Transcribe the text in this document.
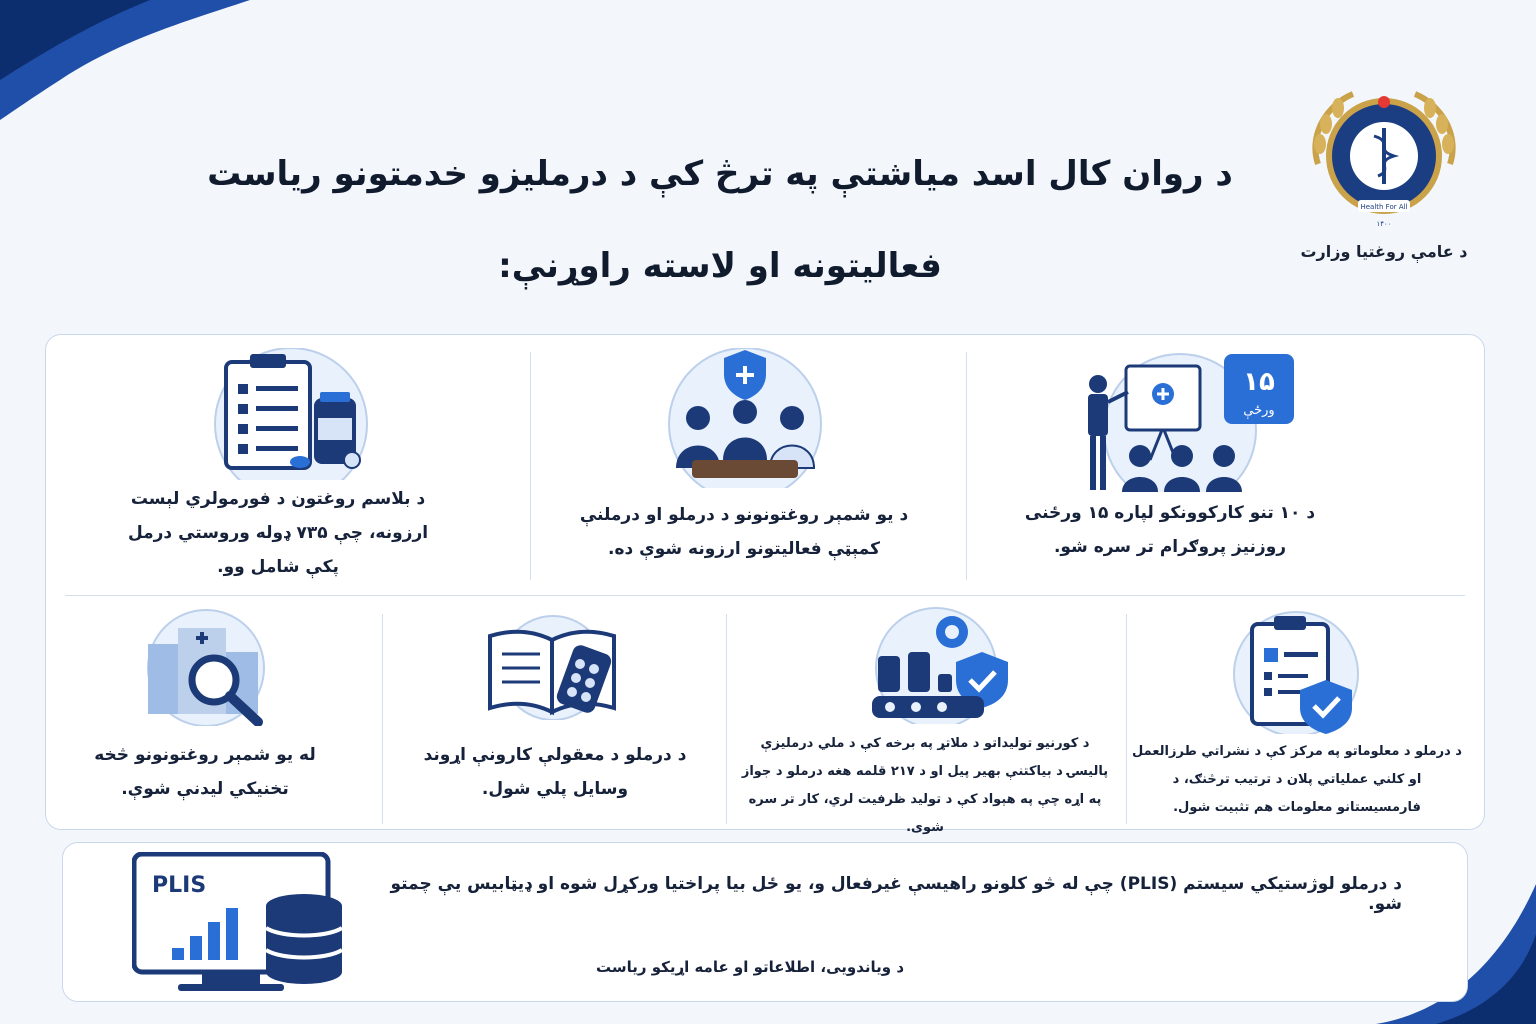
د روان کال اسد میاشتې په ترڅ کې د درملیزو خدمتونو ریاست فعالیتونه او لاسته راوړنې:
Health For All
۱۴۰۰
د عامې روغتیا وزارت
۱۵
ورځې
د ۱۰ تنو کارکوونکو لپاره ۱۵ ورځنی روزنیز پروګرام تر سره شو.
د یو شمېر روغتونونو د درملو او درملنې کمېټې فعالیتونو ارزونه شوې ده.
د بلاسم روغتون د فورمولري لېست ارزونه، چې ۷۳۵ ډوله وروستي درمل پکې شامل وو.
د درملو د معلوماتو په مرکز کې د نشراتي طرزالعمل او کلني عملیاتي پلان د ترتیب ترڅنګ، د فارمسیستانو معلومات هم تثبیت شول.
د کورنیو تولیداتو د ملاتړ په برخه کې د ملي درملیزې پالیسۍ د بیاکتنې بهیر پیل او د ۲۱۷ قلمه هغه درملو د جواز په اړه چې په هېواد کې د تولید ظرفیت لري، کار تر سره شوی.
د درملو د معقولې کارونې اړوند وسایل پلي شول.
له یو شمېر روغتونونو څخه تخنیکي لیدنې شوې.
PLIS	د درملو لوژستیکي سیستم (PLIS) چې له څو کلونو راهیسې غیرفعال و، یو ځل بیا پراختیا ورکړل شوه او ډیټابیس یې چمتو شو.
د ویاندویی، اطلاعاتو او عامه اړیکو ریاست
